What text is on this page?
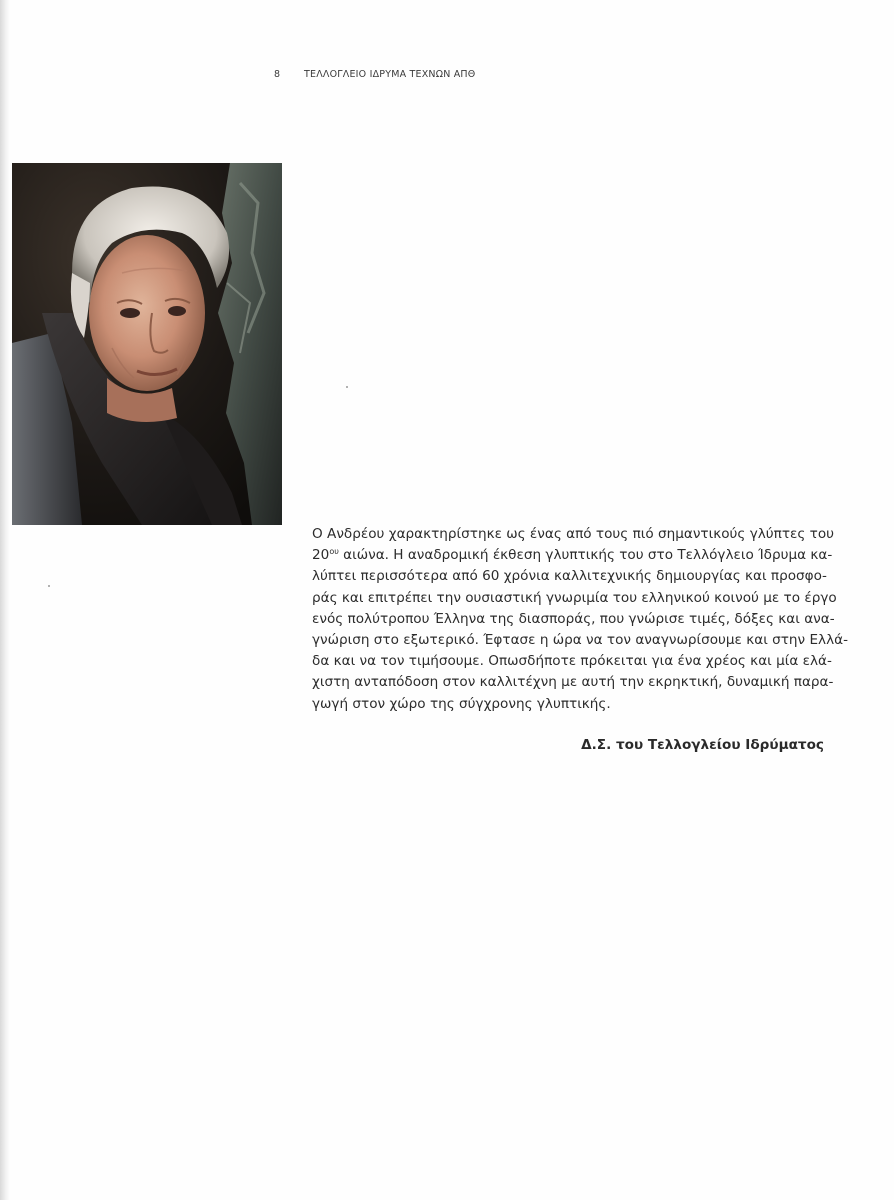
8	ΤΕΛΛΟΓΛΕΙΟ ΙΔΡΥΜΑ ΤΕΧΝΩΝ ΑΠΘ
Ο Ανδρέου χαρακτηρίστηκε ως ένας από τους πιό σημαντικούς γλύπτες του
$20^{o\upsilon}$ αιώνα. Η αναδρομική έκθεση γλυπτικής του στο Τελλόγλειο Ίδρυμα κα-
λύπτει περισσότερα από 60 χρόνια καλλιτεχνικής δημιουργίας και προσφο-
ράς και επιτρέπει την ουσιαστική γνωριμία του ελληνικού κοινού με το έργο
ενός πολύτροπου Έλληνα της διασποράς, που γνώρισε τιμές, δόξες και ανα-
γνώριση στο εξωτερικό. Έφτασε η ώρα να τον αναγνωρίσουμε και στην Ελλά-
δα και να τον τιμήσουμε. Οπωσδήποτε πρόκειται για ένα χρέος και μία ελά-
χιστη ανταπόδοση στον καλλιτέχνη με αυτή την εκρηκτική, δυναμική παρα-
γωγή στον χώρο της σύγχρονης γλυπτικής.
Δ.Σ. του Τελλογλείου Ιδρύματος
